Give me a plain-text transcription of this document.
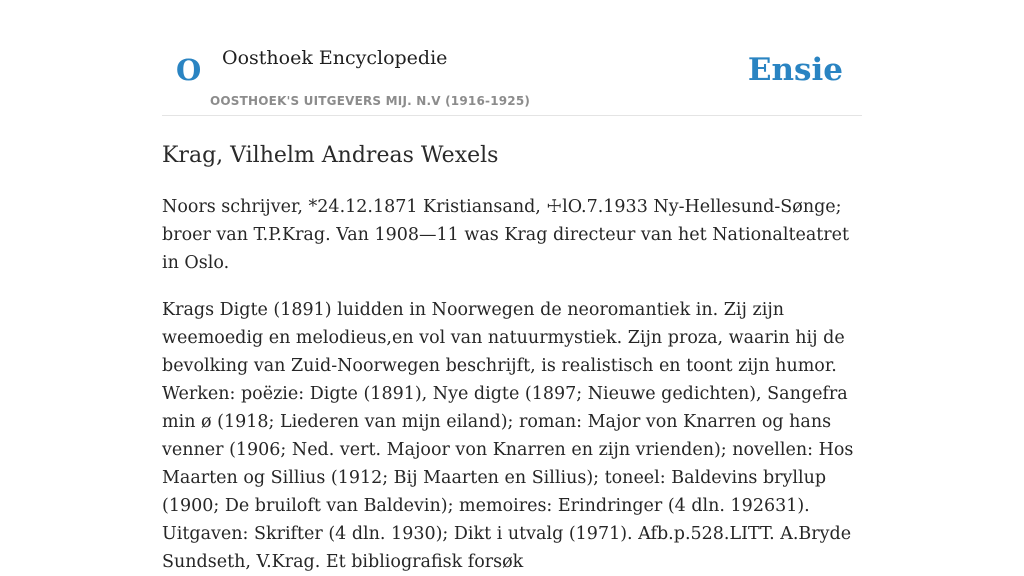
O Oosthoek Encyclopedie
OOSTHOEK'S UITGEVERS MIJ. N.V (1916-1925)
Ensie
Krag, Vilhelm Andreas Wexels

Noors schrijver, *24.12.1871 Kristiansand, ☩lO.7.1933 Ny-Hellesund-Sønge; broer van T.P.Krag. Van 1908—11 was Krag directeur van het Nationalteatret in Oslo.

Krags Digte (1891) luidden in Noorwegen de neoromantiek in. Zij zijn weemoedig en melodieus,en vol van natuurmystiek. Zijn proza, waarin hij de bevolking van Zuid-Noorwegen beschrijft, is realistisch en toont zijn humor. Werken: poëzie: Digte (1891), Nye digte (1897; Nieuwe gedichten), Sangefra min ø (1918; Liederen van mijn eiland); roman: Major von Knarren og hans venner (1906; Ned. vert. Majoor von Knarren en zijn vrienden); novellen: Hos Maarten og Sillius (1912; Bij Maarten en Sillius); toneel: Baldevins bryllup (1900; De bruiloft van Baldevin); memoires: Erindringer (4 dln. 192631). Uitgaven: Skrifter (4 dln. 1930); Dikt i utvalg (1971). Afb.p.528.LITT. A.Bryde Sundseth, V.Krag. Et bibliografisk forsøk
